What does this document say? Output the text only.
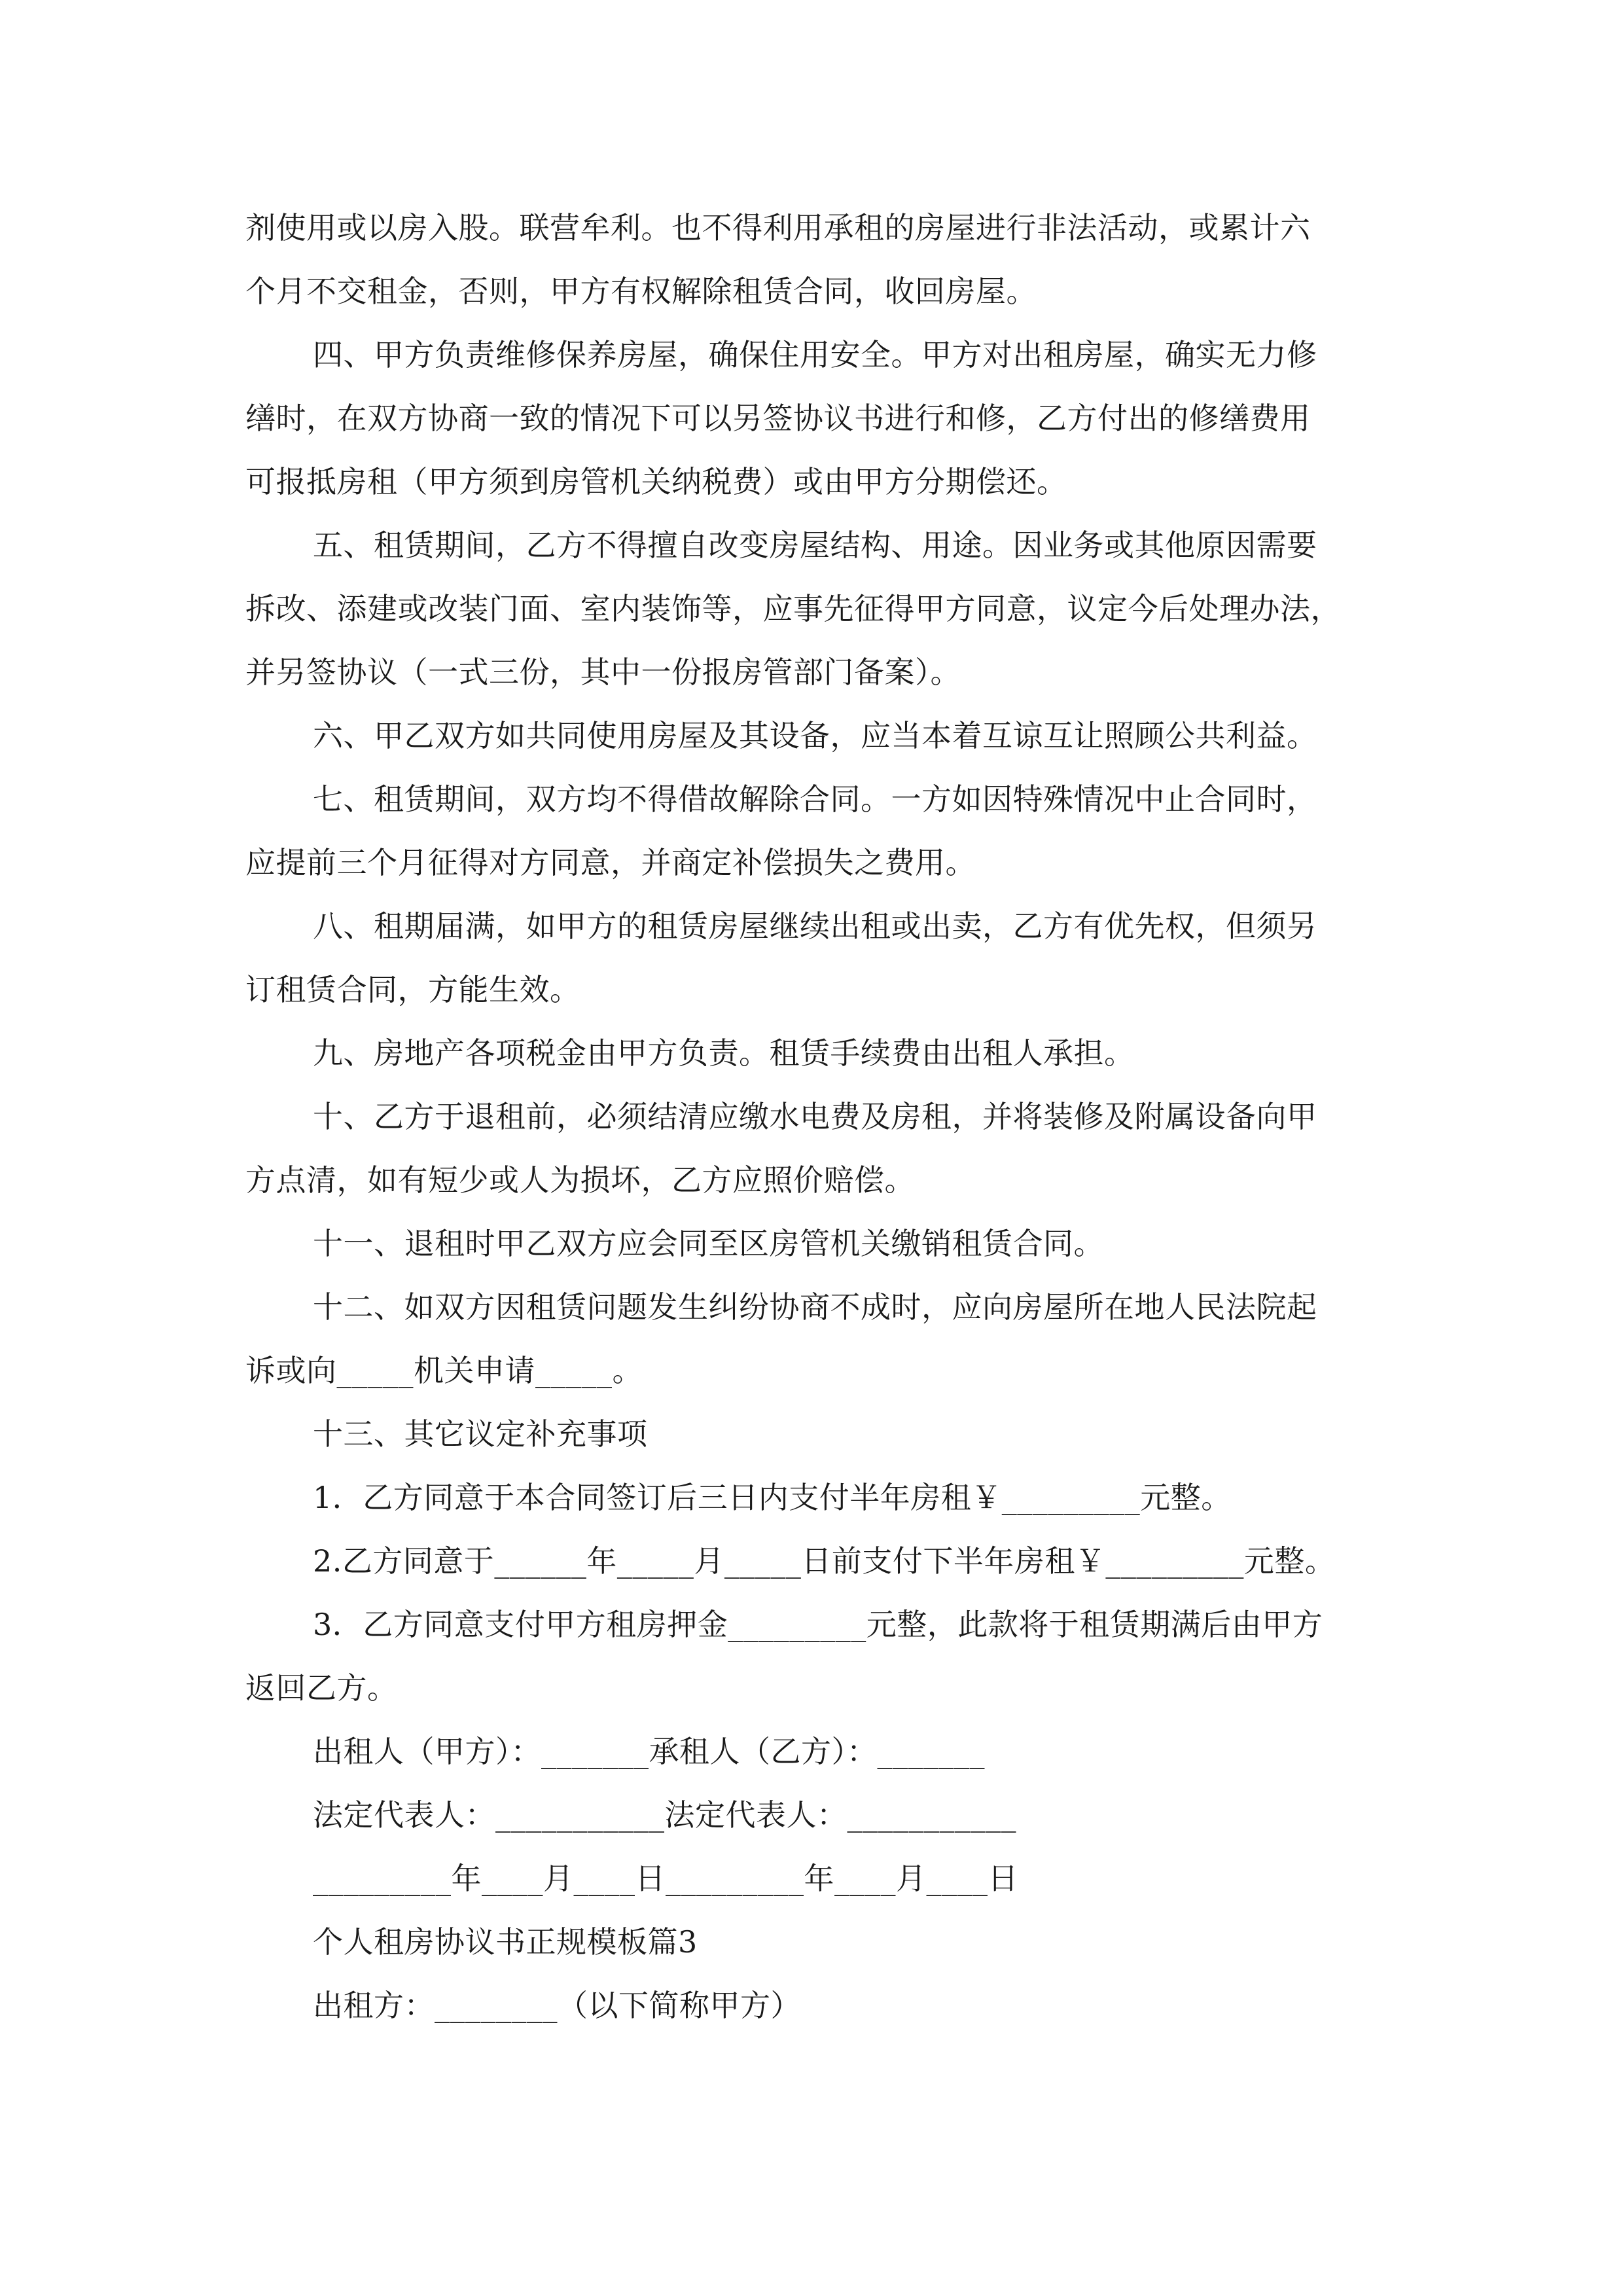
剂使用或以房入股。联营牟利。也不得利用承租的房屋进行非法活动，或累计六
个月不交租金，否则，甲方有权解除租赁合同，收回房屋。
四、甲方负责维修保养房屋，确保住用安全。甲方对出租房屋，确实无力修
缮时，在双方协商一致的情况下可以另签协议书进行和修，乙方付出的修缮费用
可报抵房租（甲方须到房管机关纳税费）或由甲方分期偿还。
五、租赁期间，乙方不得擅自改变房屋结构、用途。因业务或其他原因需要
拆改、添建或改装门面、室内装饰等，应事先征得甲方同意，议定今后处理办法，
并另签协议（一式三份，其中一份报房管部门备案）。
六、甲乙双方如共同使用房屋及其设备，应当本着互谅互让照顾公共利益。
七、租赁期间，双方均不得借故解除合同。一方如因特殊情况中止合同时，
应提前三个月征得对方同意，并商定补偿损失之费用。
八、租期届满，如甲方的租赁房屋继续出租或出卖，乙方有优先权，但须另
订租赁合同，方能生效。
九、房地产各项税金由甲方负责。租赁手续费由出租人承担。
十、乙方于退租前，必须结清应缴水电费及房租，并将装修及附属设备向甲
方点清，如有短少或人为损坏，乙方应照价赔偿。
十一、退租时甲乙双方应会同至区房管机关缴销租赁合同。
十二、如双方因租赁问题发生纠纷协商不成时，应向房屋所在地人民法院起
诉或向_____机关申请_____。
十三、其它议定补充事项
1．乙方同意于本合同签订后三日内支付半年房租￥_________元整。
2.乙方同意于______年_____月_____日前支付下半年房租￥_________元整。
3．乙方同意支付甲方租房押金_________元整，此款将于租赁期满后由甲方
返回乙方。
出租人（甲方）：_______承租人（乙方）：_______
法定代表人：___________法定代表人：___________
_________年____月____日_________年____月____日
个人租房协议书正规模板篇3
出租方：________（以下简称甲方）
